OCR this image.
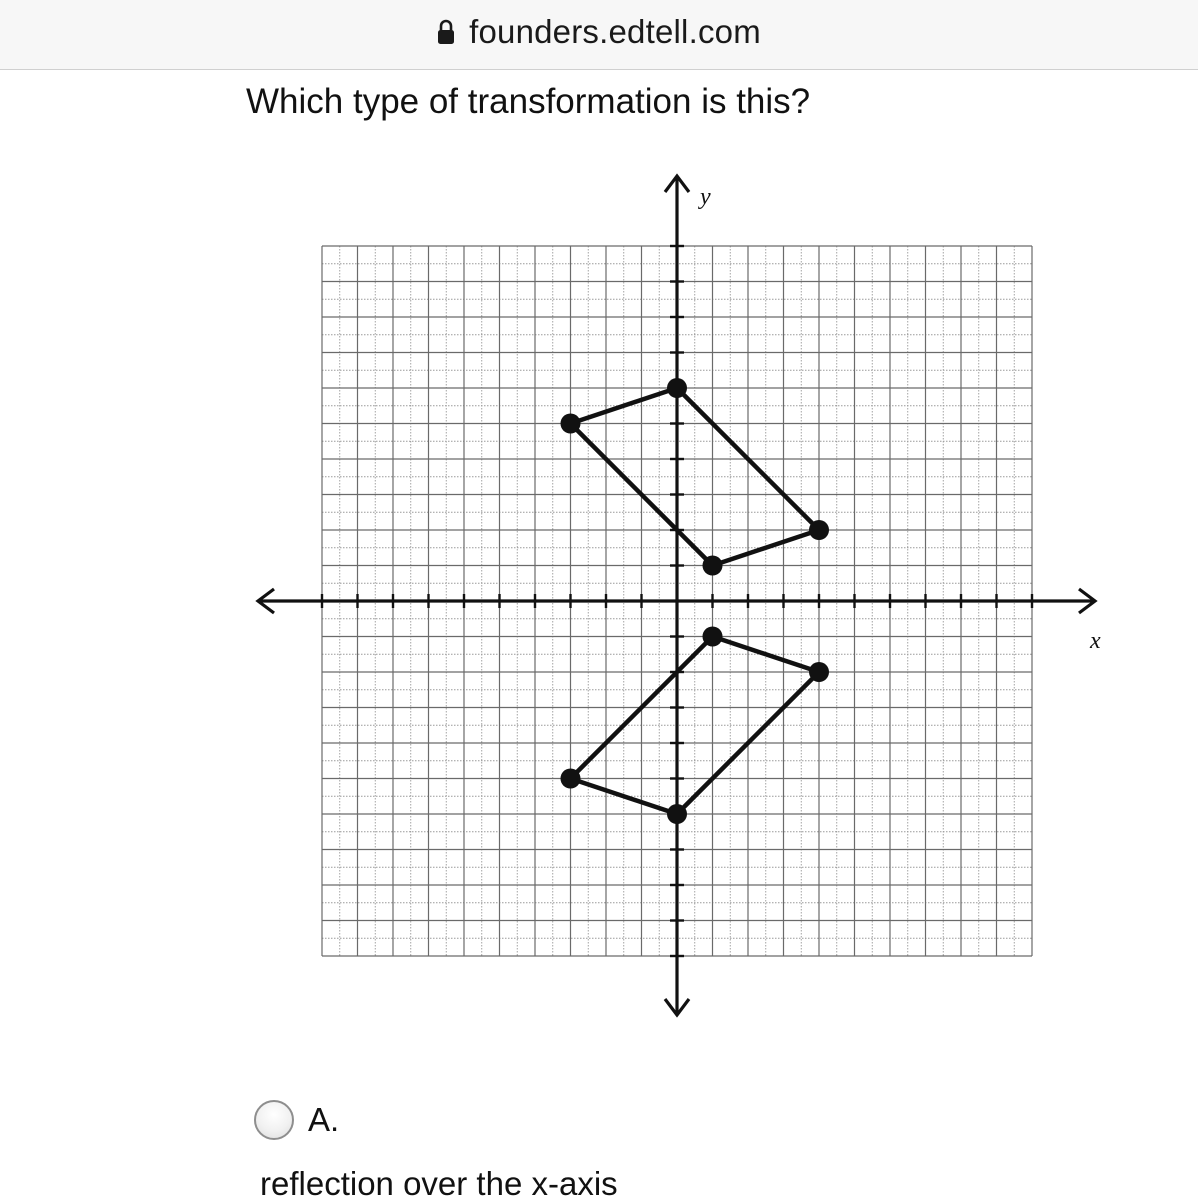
founders.edtell.com
Which type of transformation is this?
x
y
A.
reflection over the x-axis
